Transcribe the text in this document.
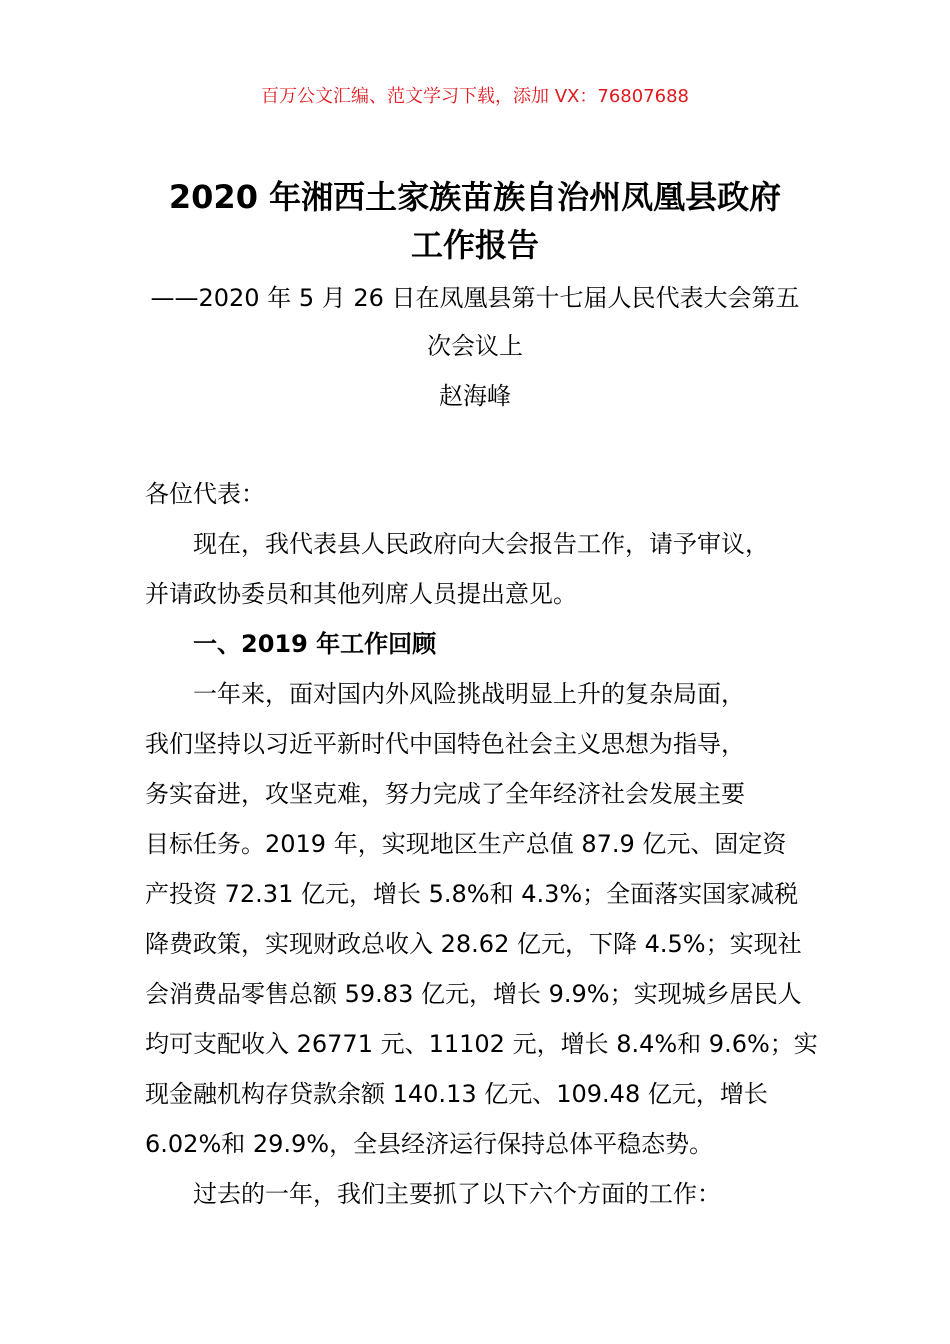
百万公文汇编、范文学习下载，添加 VX：76807688
2020 年湘西土家族苗族自治州凤凰县政府
工作报告
——2020 年 5 月 26 日在凤凰县第十七届人民代表大会第五
次会议上
赵海峰
各位代表：
现在，我代表县人民政府向大会报告工作，请予审议，
并请政协委员和其他列席人员提出意见。
一、2019 年工作回顾
一年来，面对国内外风险挑战明显上升的复杂局面，
我们坚持以习近平新时代中国特色社会主义思想为指导，
务实奋进，攻坚克难，努力完成了全年经济社会发展主要
目标任务。2019 年，实现地区生产总值 87.9 亿元、固定资
产投资 72.31 亿元，增长 5.8%和 4.3%；全面落实国家减税
降费政策，实现财政总收入 28.62 亿元，下降 4.5%；实现社
会消费品零售总额 59.83 亿元，增长 9.9%；实现城乡居民人
均可支配收入 26771 元、11102 元，增长 8.4%和 9.6%；实
现金融机构存贷款余额 140.13 亿元、109.48 亿元，增长
6.02%和 29.9%，全县经济运行保持总体平稳态势。
过去的一年，我们主要抓了以下六个方面的工作：
